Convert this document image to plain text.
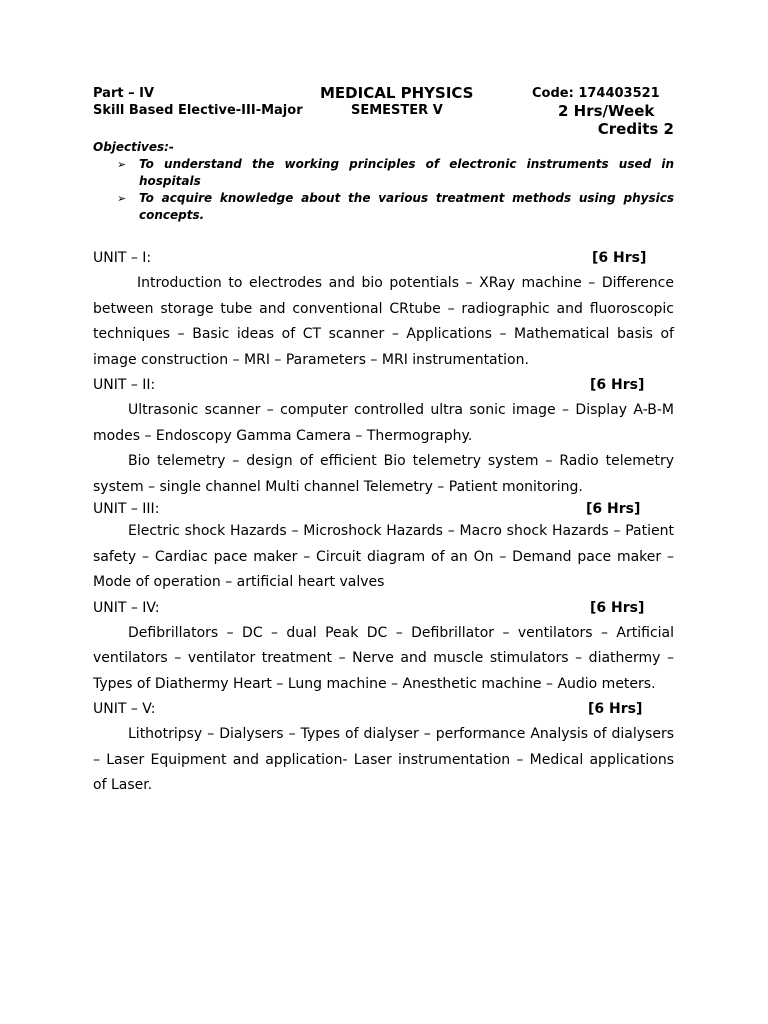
Part – IV	MEDICAL PHYSICS	Code: 174403521
Skill Based Elective-III-Major	SEMESTER V	2 Hrs/Week
Credits 2
Objectives:-
➢ To understand the working principles of electronic instruments used in hospitals
➢ To acquire knowledge about the various treatment methods using physics concepts.
UNIT – I:	[6 Hrs]

Introduction to electrodes and bio potentials – XRay machine – Difference between storage tube and conventional CRtube – radiographic and fluoroscopic techniques – Basic ideas of CT scanner – Applications – Mathematical basis of image construction – MRI – Parameters – MRI instrumentation.

UNIT – II:	[6 Hrs]

Ultrasonic scanner – computer controlled ultra sonic image – Display A-B-M modes – Endoscopy Gamma Camera – Thermography.

Bio telemetry – design of efficient Bio telemetry system – Radio telemetry system – single channel Multi channel Telemetry – Patient monitoring.

UNIT – III:	[6 Hrs]

Electric shock Hazards – Microshock Hazards – Macro shock Hazards – Patient safety – Cardiac pace maker – Circuit diagram of an On – Demand pace maker – Mode of operation – artificial heart valves

UNIT – IV:	[6 Hrs]

Defibrillators – DC – dual Peak DC – Defibrillator – ventilators – Artificial ventilators – ventilator treatment – Nerve and muscle stimulators – diathermy – Types of Diathermy Heart – Lung machine – Anesthetic machine – Audio meters.

UNIT – V:	[6 Hrs]

Lithotripsy – Dialysers – Types of dialyser – performance Analysis of dialysers – Laser Equipment and application- Laser instrumentation – Medical applications of Laser.
